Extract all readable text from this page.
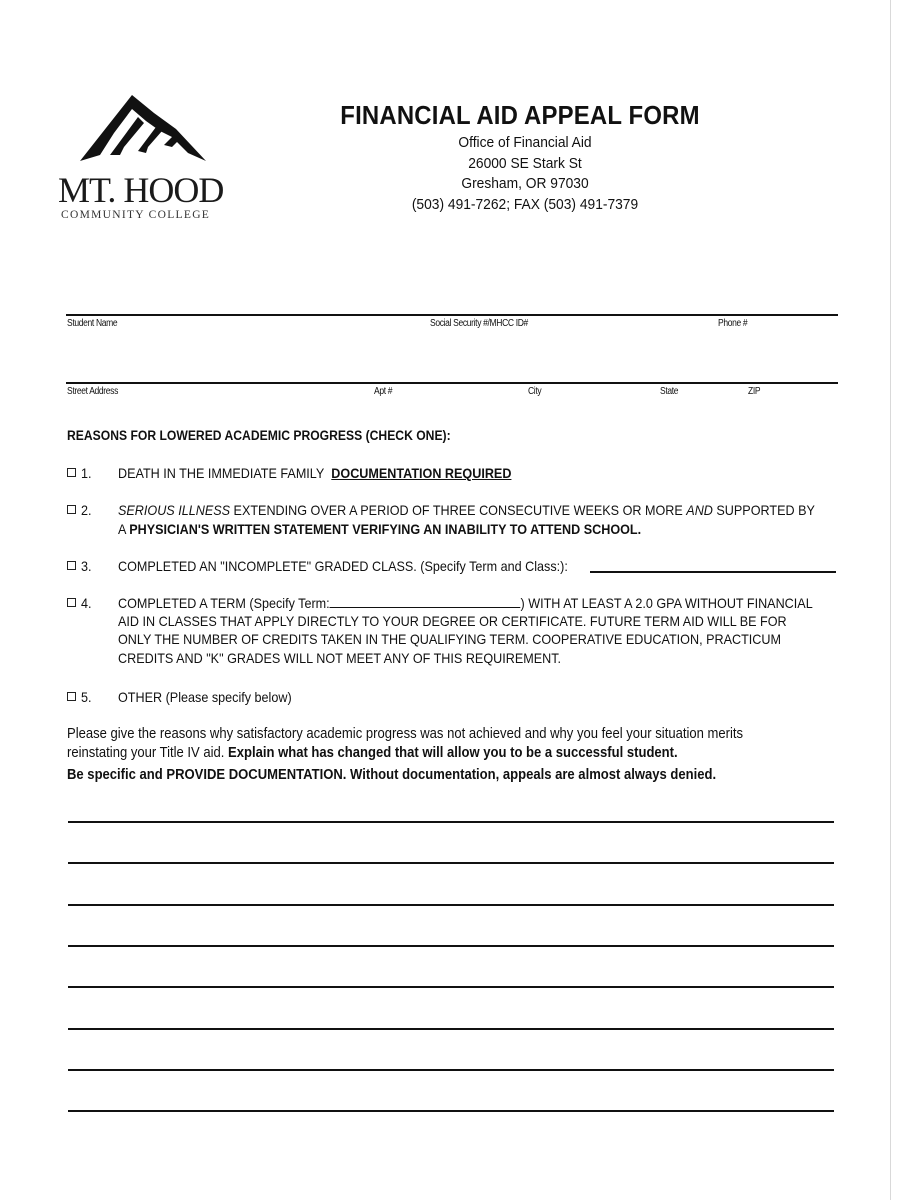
MT. HOOD
COMMUNITY COLLEGE
FINANCIAL AID APPEAL FORM
Office of Financial Aid
26000 SE Stark St
Gresham, OR 97030
(503) 491-7262; FAX (503) 491-7379
Student Name	Social Security #/MHCC ID#	Phone #
Street Address	Apt #	City	State	ZIP
REASONS FOR LOWERED ACADEMIC PROGRESS (CHECK ONE):
1. DEATH IN THE IMMEDIATE FAMILY DOCUMENTATION REQUIRED
2. SERIOUS ILLNESS EXTENDING OVER A PERIOD OF THREE CONSECUTIVE WEEKS OR MORE AND SUPPORTED BY
A PHYSICIAN'S WRITTEN STATEMENT VERIFYING AN INABILITY TO ATTEND SCHOOL.
3. COMPLETED AN "INCOMPLETE" GRADED CLASS. (Specify Term and Class:):
4. COMPLETED A TERM (Specify Term:	) WITH AT LEAST A 2.0 GPA WITHOUT FINANCIAL
AID IN CLASSES THAT APPLY DIRECTLY TO YOUR DEGREE OR CERTIFICATE. FUTURE TERM AID WILL BE FOR
ONLY THE NUMBER OF CREDITS TAKEN IN THE QUALIFYING TERM. COOPERATIVE EDUCATION, PRACTICUM
CREDITS AND "K" GRADES WILL NOT MEET ANY OF THIS REQUIREMENT.
5. OTHER (Please specify below)
Please give the reasons why satisfactory academic progress was not achieved and why you feel your situation merits
reinstating your Title IV aid. Explain what has changed that will allow you to be a successful student.
Be specific and PROVIDE DOCUMENTATION. Without documentation, appeals are almost always denied.
